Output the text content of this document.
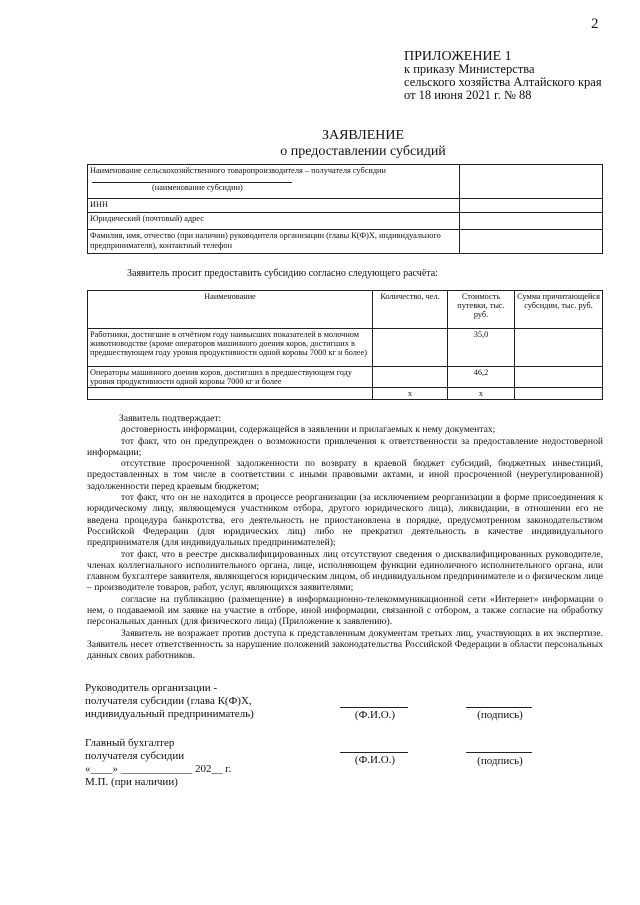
2
ПРИЛОЖЕНИЕ 1
к приказу Министерства
сельского хозяйства Алтайского края
от 18 июня 2021 г. № 88
ЗАЯВЛЕНИЕ
о предоставлении субсидий
Наименование сельскохозяйственного товаропроизводителя – получателя субсидии
(наименование субсидии)	

ИНН	
Юридический (почтовый) адрес	
Фамилия, имя, отчество (при наличии) руководителя организации (главы К(Ф)Х, индивидуального предпринимателя), контактный телефон	
Заявитель просит предоставить субсидию согласно следующего расчёта:
Наименование	Количество, чел.	Стоимость путевки, тыс. руб.	Сумма причитающейся субсидии, тыс. руб.
Работники, достигшие в отчётном году наивысших показателей в молочном животноводстве (кроме операторов машинного доения коров, достигших в предшествующем году уровня продуктивности одной коровы 7000 кг и более)		35,0	
Операторы машинного доения коров, достигших в предшествующем году уровня продуктивности одной коровы 7000 кг и более		46,2	
	х	х	

Заявитель подтверждает:

достоверность информации, содержащейся в заявлении и прилагаемых к нему документах;

тот факт, что он предупрежден о возможности привлечения к ответственности за предоставление недостоверной информации;

отсутствие просроченной задолженности по возврату в краевой бюджет субсидий, бюджетных инвестиций, предоставленных в том числе в соответствии с иными правовыми актами, и иной просроченной (неурегулированной) задолженности перед краевым бюджетом;

тот факт, что он не находится в процессе реорганизации (за исключением реорганизации в форме присоединения к юридическому лицу, являющемуся участником отбора, другого юридического лица), ликвидации, в отношении его не введена процедура банкротства, его деятельность не приостановлена в порядке, предусмотренном законодательством Российской Федерации (для юридических лиц) либо не прекратил деятельность в качестве индивидуального предпринимателя (для индивидуальных предпринимателей);

тот факт, что в реестре дисквалифицированных лиц отсутствуют сведения о дисквалифицированных руководителе, членах коллегиального исполнительного органа, лице, исполняющем функции единоличного исполнительного органа, или главном бухгалтере заявителя, являющегося юридическим лицом, об индивидуальном предпринимателе и о физическом лице – производителе товаров, работ, услуг, являющихся заявителями;

согласие на публикацию (размещение) в информационно-телекоммуникационной сети «Интернет» информации о нем, о подаваемой им заявке на участие в отборе, иной информации, связанной с отбором, а также согласие на обработку персональных данных (для физического лица) (Приложение к заявлению).

Заявитель не возражает против доступа к представленным документам третьих лиц, участвующих в их экспертизе. Заявитель несет ответственность за нарушение положений законодательства Российской Федерации в области персональных данных своих работников.

Руководитель организации -
получателя субсидии (глава К(Ф)Х,
индивидуальный предприниматель)	(Ф.И.О.)	(подпись)
Главный бухгалтер
получателя субсидии
«____» _____________ 202__ г.
М.П. (при наличии)
(Ф.И.О.)	(подпись)
